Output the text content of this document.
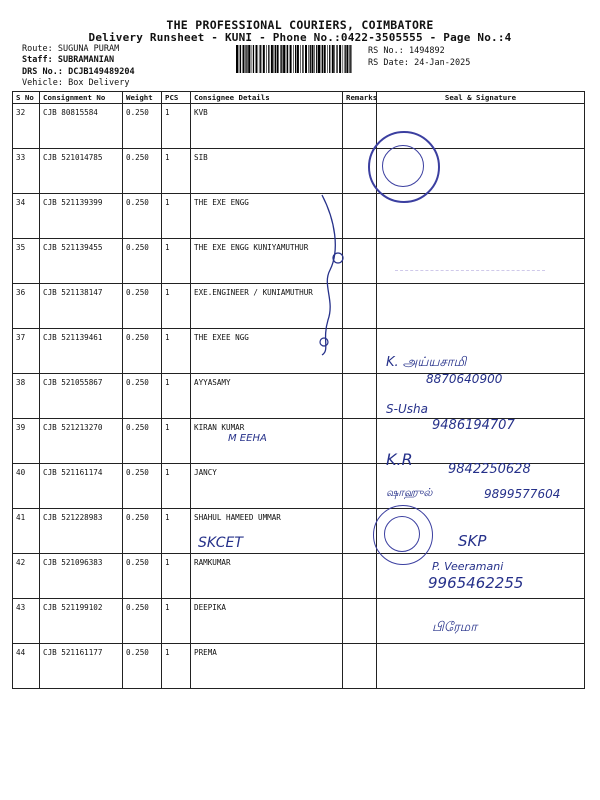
THE PROFESSIONAL COURIERS, COIMBATORE
Delivery Runsheet - KUNI - Phone No.:0422-3505555 - Page No.:4
Route: SUGUNA PURAM
Staff: SUBRAMANIAN
DRS No.: DCJB149489204
Vehicle: Box Delivery
RS No.: 1494892
RS Date: 24-Jan-2025
S No	Consignment No	Weight	PCS	Consignee Details	Remarks	Seal & Signature
32	CJB 80815584	0.250	1	KVB		
33	CJB 521014785	0.250	1	SIB		
34	CJB 521139399	0.250	1	THE EXE ENGG		
35	CJB 521139455	0.250	1	THE EXE ENGG KUNIYAMUTHUR		
36	CJB 521138147	0.250	1	EXE.ENGINEER / KUNIAMUTHUR		
37	CJB 521139461	0.250	1	THE EXEE NGG		
38	CJB 521055867	0.250	1	AYYASAMY		
39	CJB 521213270	0.250	1	KIRAN KUMAR		
40	CJB 521161174	0.250	1	JANCY		
41	CJB 521228983	0.250	1	SHAHUL HAMEED UMMAR		
42	CJB 521096383	0.250	1	RAMKUMAR		
43	CJB 521199102	0.250	1	DEEPIKA		
44	CJB 521161177	0.250	1	PREMA		
M EEHA
SKCEТ
K. அய்யசாமி
8870640900
S-Usha
9486194707
K.R
9842250628
ஷாஹுல்	9899577604
SKP
P. Veeramani
9965462255
பிரேமா
